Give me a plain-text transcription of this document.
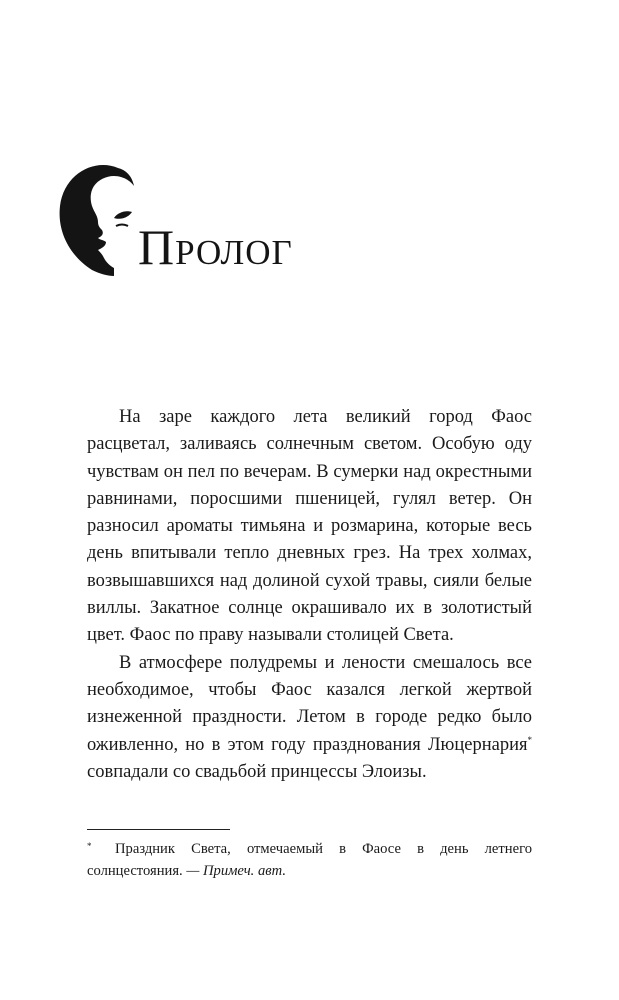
Пролог

На заре каждого лета великий город Фаос расцветал, заливаясь солнечным светом. Особую оду чувствам он пел по вечерам. В сумерки над окрестными равнинами, поросшими пшеницей, гулял ветер. Он разносил ароматы тимьяна и розмарина, которые весь день впитывали тепло дневных грез. На трех холмах, возвышавшихся над долиной сухой травы, сияли белые виллы. Закатное солнце окрашивало их в золотистый цвет. Фаос по праву называли столицей Света.

В атмосфере полудремы и лености смешалось все необходимое, чтобы Фаос казался легкой жертвой изнеженной праздности. Летом в городе редко было оживленно, но в этом году празднования Люцернария* совпадали со свадьбой принцессы Элоизы.

*	Праздник Света, отмечаемый в Фаосе в день летнего солнцестояния. — Примеч. авт.
